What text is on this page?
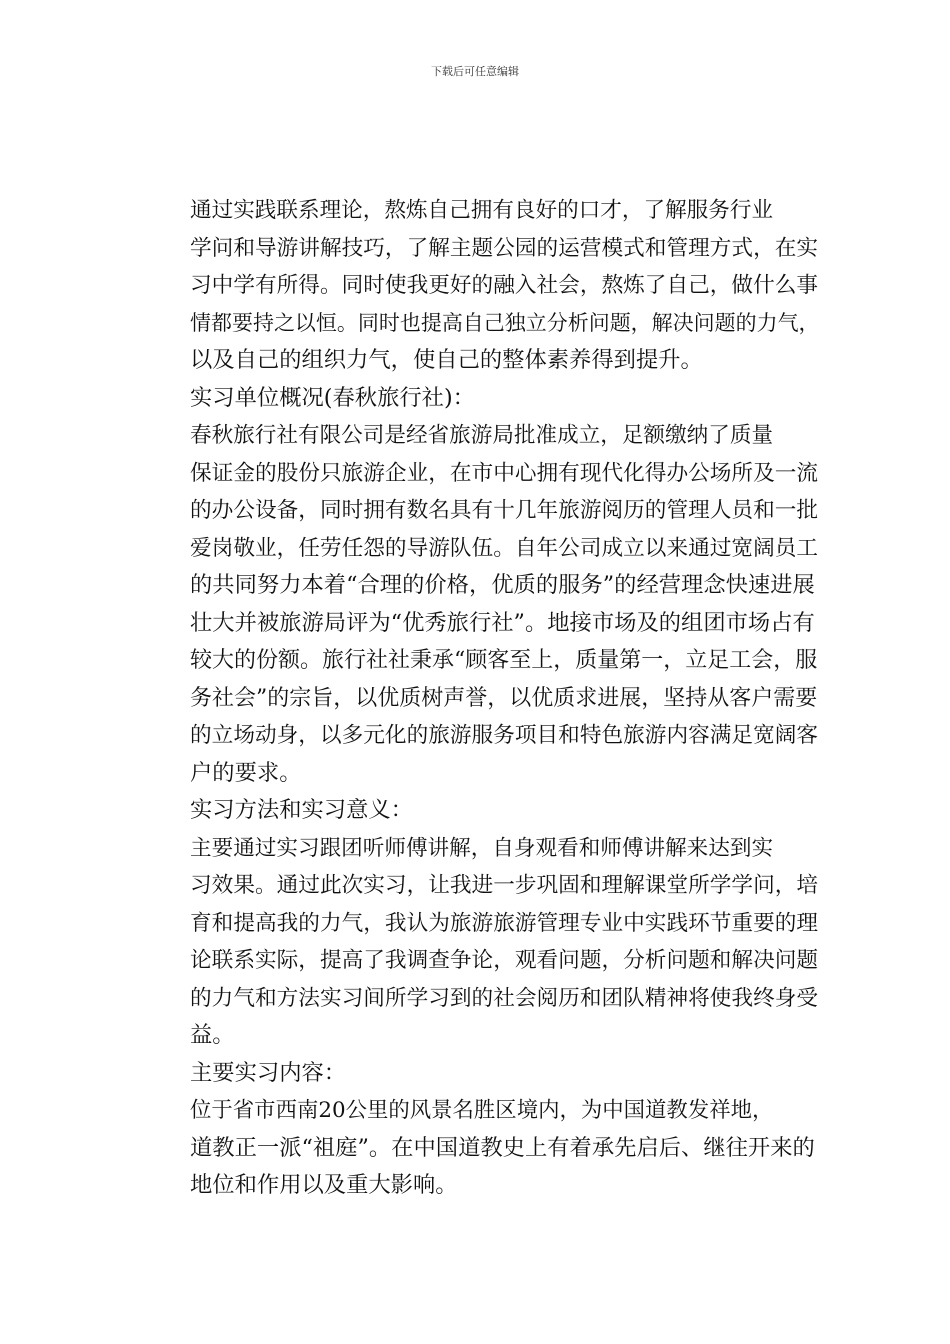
下载后可任意编辑

通过实践联系理论，熬炼自己拥有良好的口才，了解服务行业
学问和导游讲解技巧，了解主题公园的运营模式和管理方式，在实
习中学有所得。同时使我更好的融入社会，熬炼了自己，做什么事
情都要持之以恒。同时也提高自己独立分析问题，解决问题的力气，
以及自己的组织力气，使自己的整体素养得到提升。

实习单位概况(春秋旅行社)：

春秋旅行社有限公司是经省旅游局批准成立，足额缴纳了质量
保证金的股份只旅游企业，在市中心拥有现代化得办公场所及一流
的办公设备，同时拥有数名具有十几年旅游阅历的管理人员和一批
爱岗敬业，任劳任怨的导游队伍。自年公司成立以来通过宽阔员工
的共同努力本着“合理的价格，优质的服务”的经营理念快速进展
壮大并被旅游局评为“优秀旅行社”。地接市场及的组团市场占有
较大的份额。旅行社社秉承“顾客至上，质量第一，立足工会，服
务社会”的宗旨，以优质树声誉，以优质求进展，坚持从客户需要
的立场动身，以多元化的旅游服务项目和特色旅游内容满足宽阔客
户的要求。

实习方法和实习意义：

主要通过实习跟团听师傅讲解，自身观看和师傅讲解来达到实
习效果。通过此次实习，让我进一步巩固和理解课堂所学学问，培
育和提高我的力气，我认为旅游旅游管理专业中实践环节重要的理
论联系实际，提高了我调查争论，观看问题，分析问题和解决问题
的力气和方法实习间所学习到的社会阅历和团队精神将使我终身受
益。

主要实习内容：

位于省市西南20公里的风景名胜区境内，为中国道教发祥地，
道教正一派“祖庭”。在中国道教史上有着承先启后、继往开来的
地位和作用以及重大影响。
